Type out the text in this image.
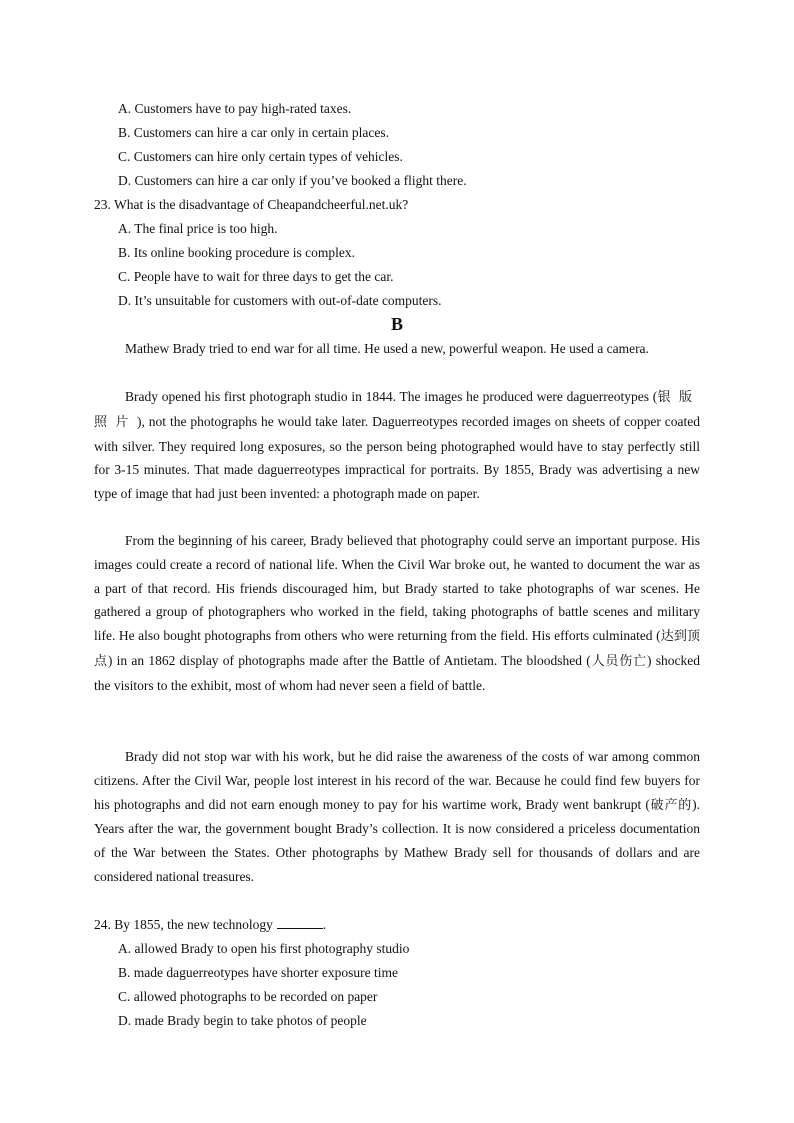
A. Customers have to pay high-rated taxes.
B. Customers can hire a car only in certain places.
C. Customers can hire only certain types of vehicles.
D. Customers can hire a car only if you’ve booked a flight there.
23. What is the disadvantage of Cheapandcheerful.net.uk?
A. The final price is too high.
B. Its online booking procedure is complex.
C. People have to wait for three days to get the car.
D. It’s unsuitable for customers with out-of-date computers.
B

Mathew Brady tried to end war for all time. He used a new, powerful weapon. He used a camera.

Brady opened his first photograph studio in 1844. The images he produced were daguerreotypes (银版照片), not the photographs he would take later. Daguerreotypes recorded images on sheets of copper coated with silver. They required long exposures, so the person being photographed would have to stay perfectly still for 3-15 minutes. That made daguerreotypes impractical for portraits. By 1855, Brady was advertising a new type of image that had just been invented: a photograph made on paper.

From the beginning of his career, Brady believed that photography could serve an important purpose. His images could create a record of national life. When the Civil War broke out, he wanted to document the war as a part of that record. His friends discouraged him, but Brady started to take photographs of war scenes. He gathered a group of photographers who worked in the field, taking photographs of battle scenes and military life. He also bought photographs from others who were returning from the field. His efforts culminated (达到顶点) in an 1862 display of photographs made after the Battle of Antietam. The bloodshed (人员伤亡) shocked the visitors to the exhibit, most of whom had never seen a field of battle.

Brady did not stop war with his work, but he did raise the awareness of the costs of war among common citizens. After the Civil War, people lost interest in his record of the war. Because he could find few buyers for his photographs and did not earn enough money to pay for his wartime work, Brady went bankrupt (破产的). Years after the war, the government bought Brady’s collection. It is now considered a priceless documentation of the War between the States. Other photographs by Mathew Brady sell for thousands of dollars and are considered national treasures.

24. By 1855, the new technology	.
A. allowed Brady to open his first photography studio
B. made daguerreotypes have shorter exposure time
C. allowed photographs to be recorded on paper
D. made Brady begin to take photos of people
